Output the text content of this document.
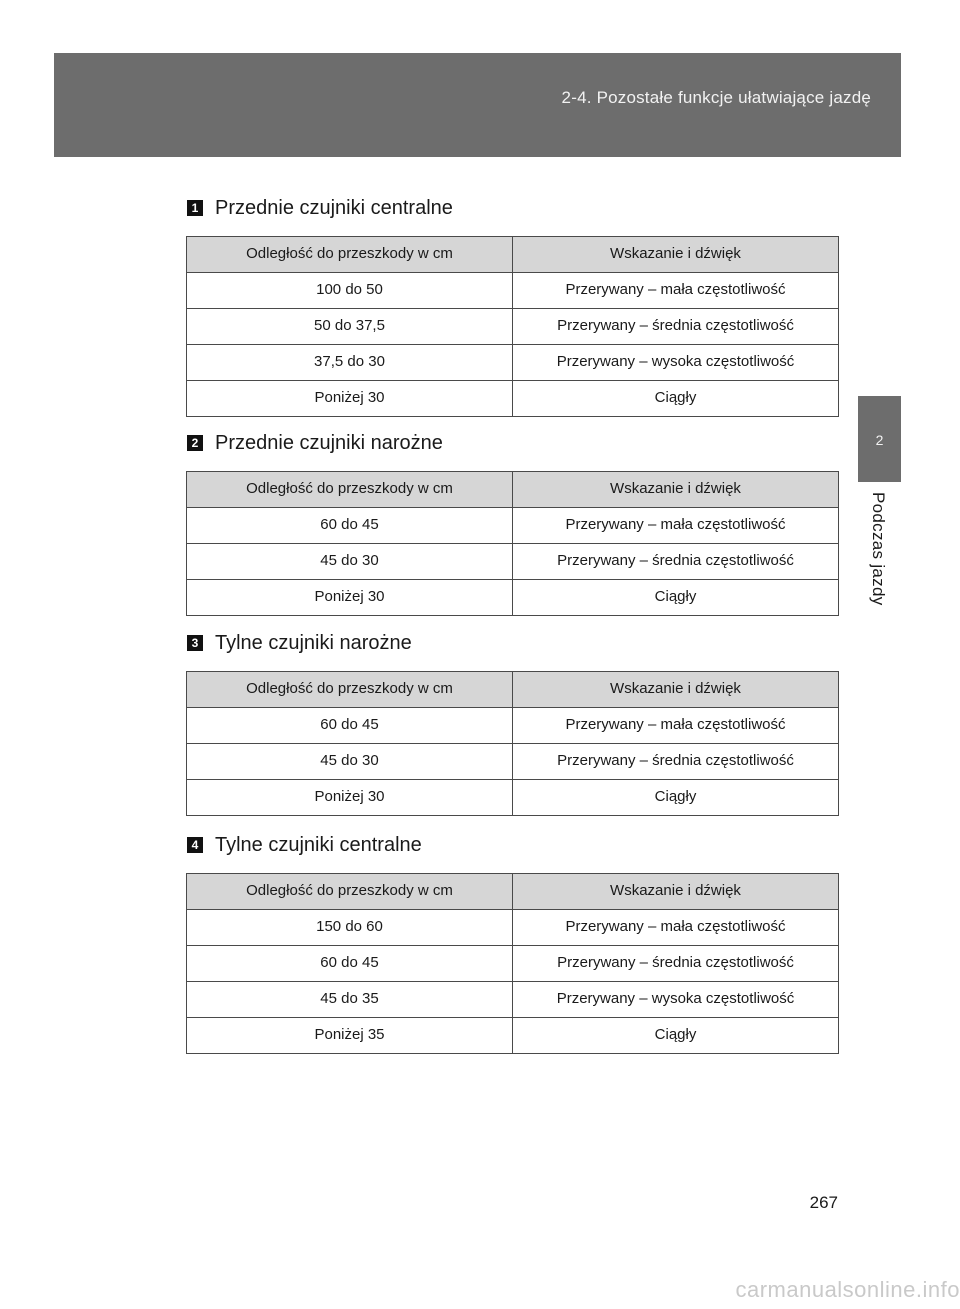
2-4. Pozostałe funkcje ułatwiające jazdę
2
Podczas jazdy
1 Przednie czujniki centralne
Odległość do przeszkody w cm	Wskazanie i dźwięk
100 do 50	Przerywany – mała częstotliwość
50 do 37,5	Przerywany – średnia częstotliwość
37,5 do 30	Przerywany – wysoka częstotliwość
Poniżej 30	Ciągły
2 Przednie czujniki narożne
Odległość do przeszkody w cm	Wskazanie i dźwięk
60 do 45	Przerywany – mała częstotliwość
45 do 30	Przerywany – średnia częstotliwość
Poniżej 30	Ciągły
3 Tylne czujniki narożne
Odległość do przeszkody w cm	Wskazanie i dźwięk
60 do 45	Przerywany – mała częstotliwość
45 do 30	Przerywany – średnia częstotliwość
Poniżej 30	Ciągły
4 Tylne czujniki centralne
Odległość do przeszkody w cm	Wskazanie i dźwięk
150 do 60	Przerywany – mała częstotliwość
60 do 45	Przerywany – średnia częstotliwość
45 do 35	Przerywany – wysoka częstotliwość
Poniżej 35	Ciągły
267
carmanualsonline.info
